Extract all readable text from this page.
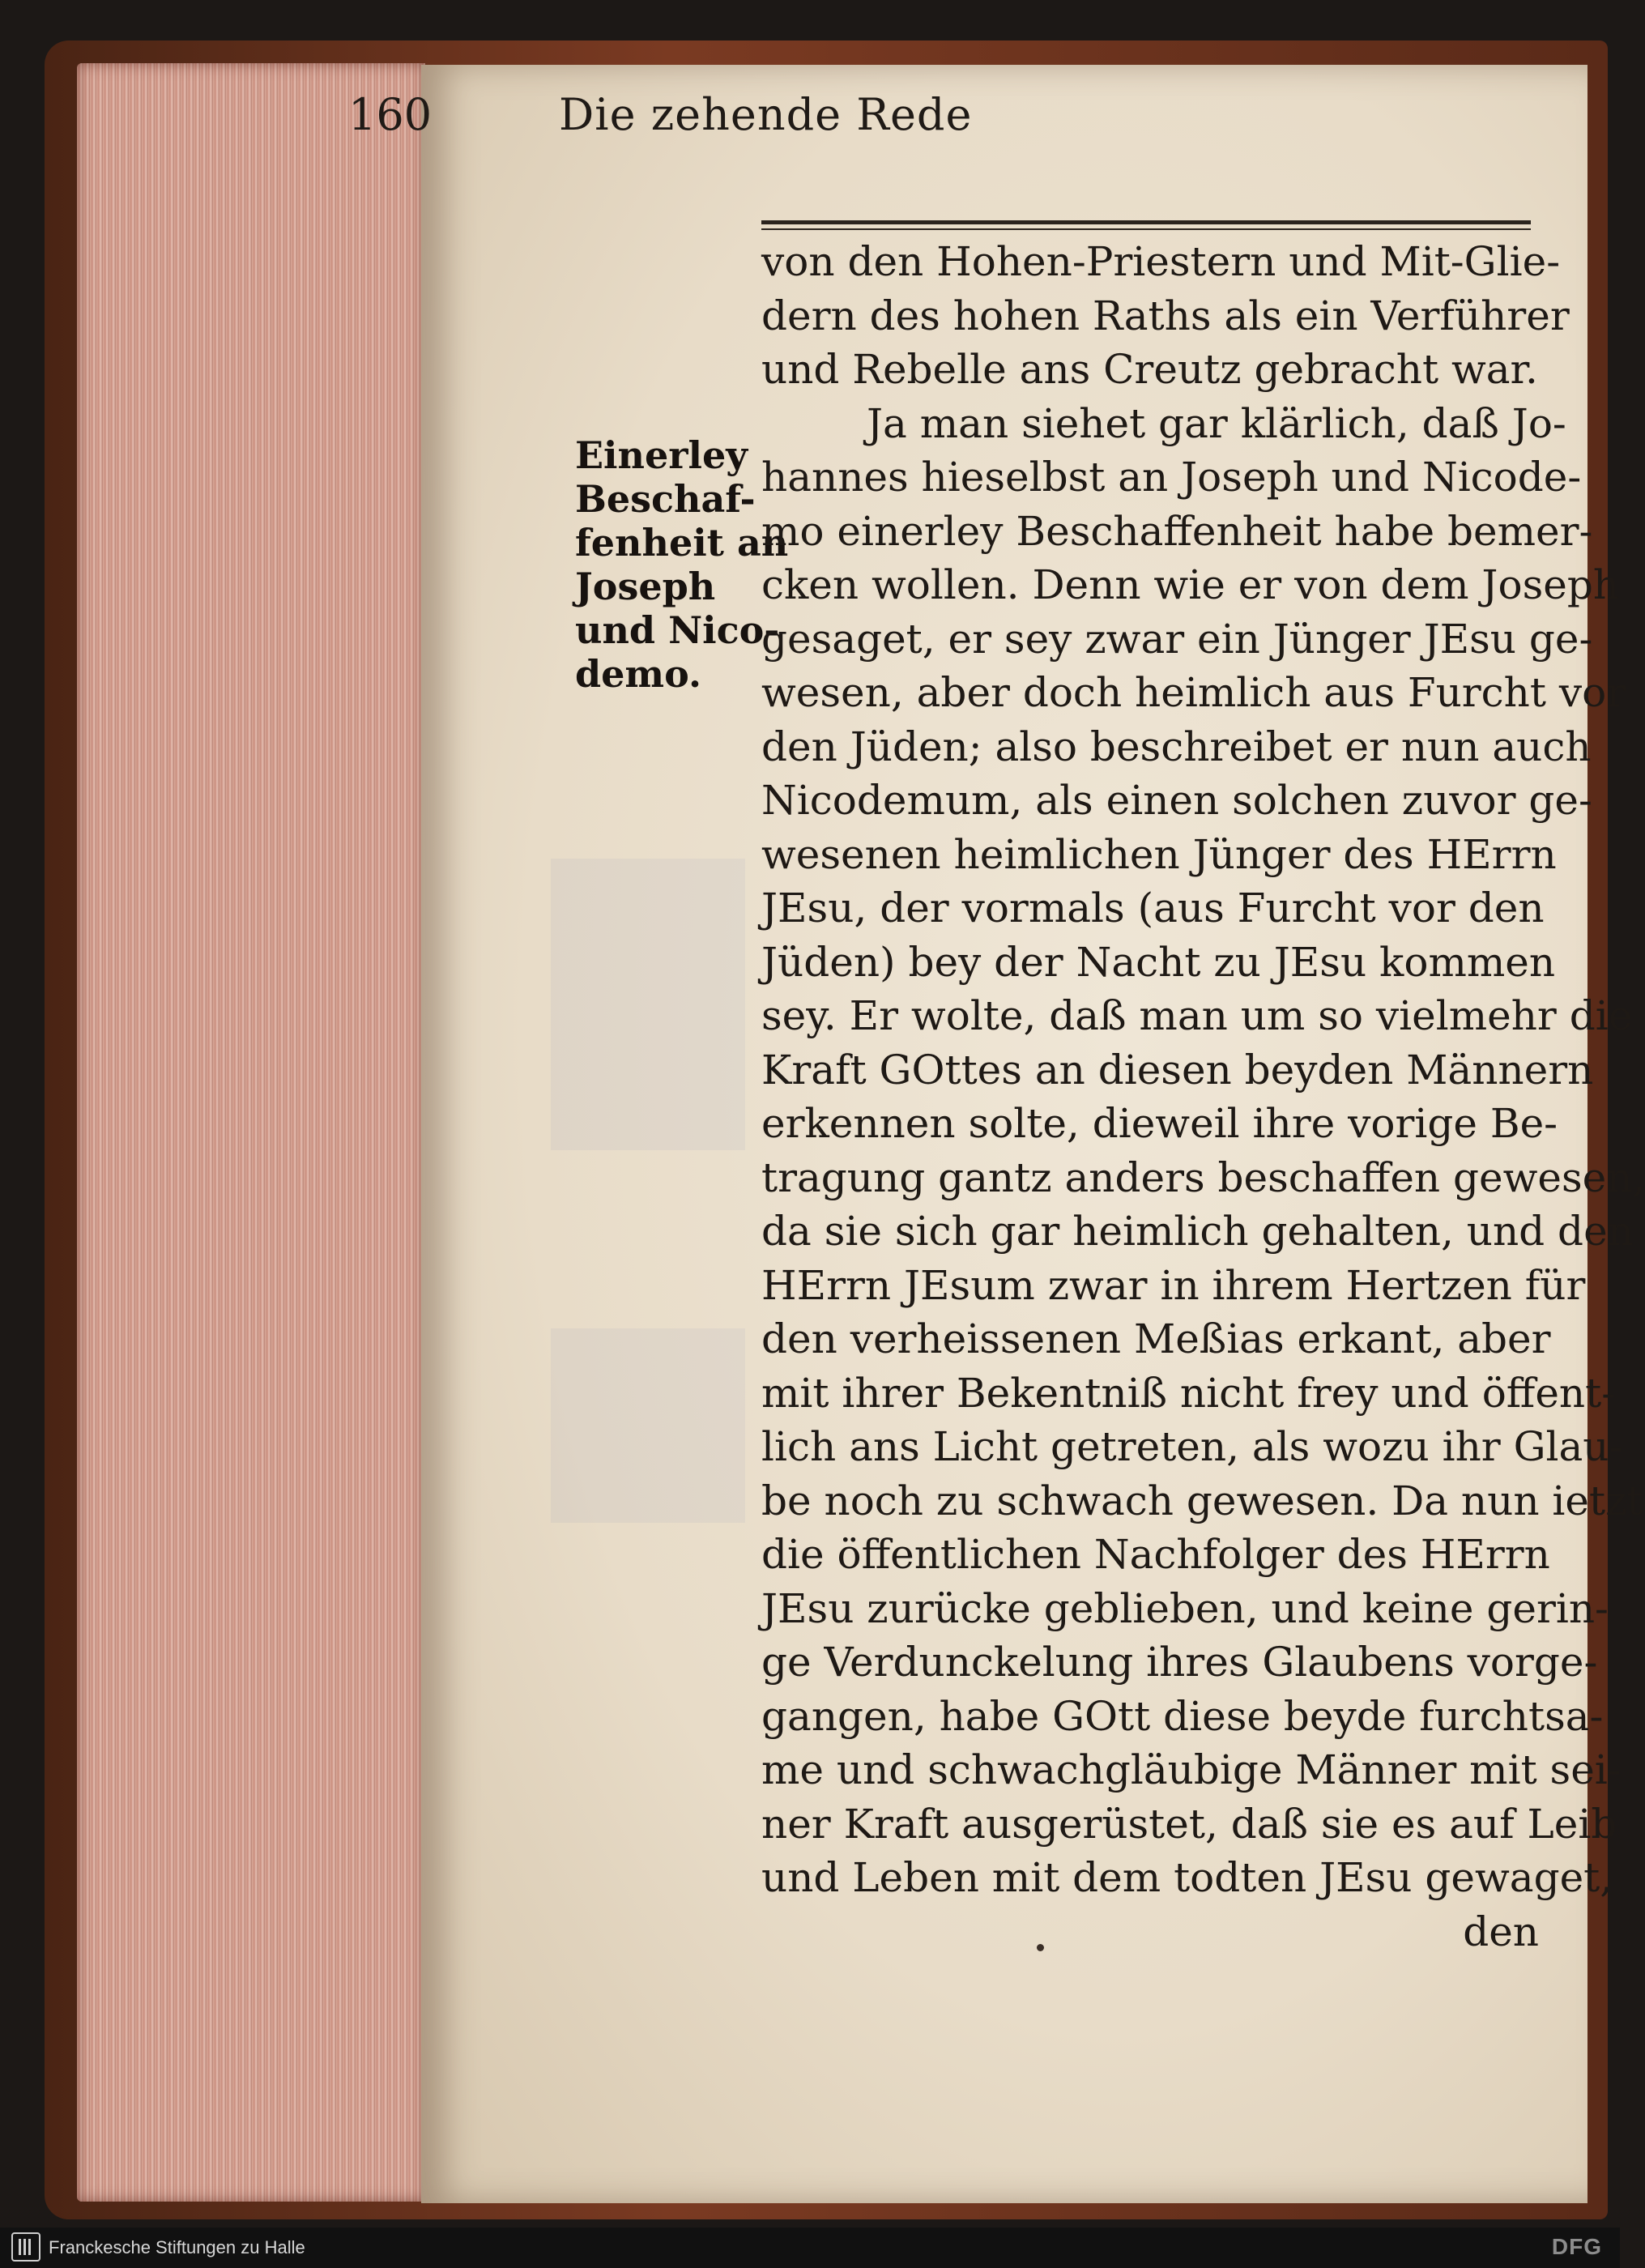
160	Die zehende Rede
Einerley
Beschaf-
fenheit an
Joseph
und Nico-
demo.
von den Hohen-Priestern und Mit-Glie-
dern des hohen Raths als ein Verführer
und Rebelle ans Creutz gebracht war.
Ja man siehet gar klärlich, daß Jo-
hannes hieselbst an Joseph und Nicode-
mo einerley Beschaffenheit habe bemer-
cken wollen. Denn wie er von dem Joseph
gesaget, er sey zwar ein Jünger JEsu ge-
wesen, aber doch heimlich aus Furcht vor
den Jüden; also beschreibet er nun auch
Nicodemum, als einen solchen zuvor ge-
wesenen heimlichen Jünger des HErrn
JEsu, der vormals (aus Furcht vor den
Jüden) bey der Nacht zu JEsu kommen
sey. Er wolte, daß man um so vielmehr die
Kraft GOttes an diesen beyden Männern
erkennen solte, dieweil ihre vorige Be-
tragung gantz anders beschaffen gewesen,
da sie sich gar heimlich gehalten, und den
HErrn JEsum zwar in ihrem Hertzen für
den verheissenen Meßias erkant, aber
mit ihrer Bekentniß nicht frey und öffent-
lich ans Licht getreten, als wozu ihr Glau-
be noch zu schwach gewesen. Da nun ietzt
die öffentlichen Nachfolger des HErrn
JEsu zurücke geblieben, und keine gerin-
ge Verdunckelung ihres Glaubens vorge-
gangen, habe GOtt diese beyde furchtsa-
me und schwachgläubige Männer mit sei-
ner Kraft ausgerüstet, daß sie es auf Leib
und Leben mit dem todten JEsu gewaget,
den
Franckesche Stiftungen zu Halle	DFG
